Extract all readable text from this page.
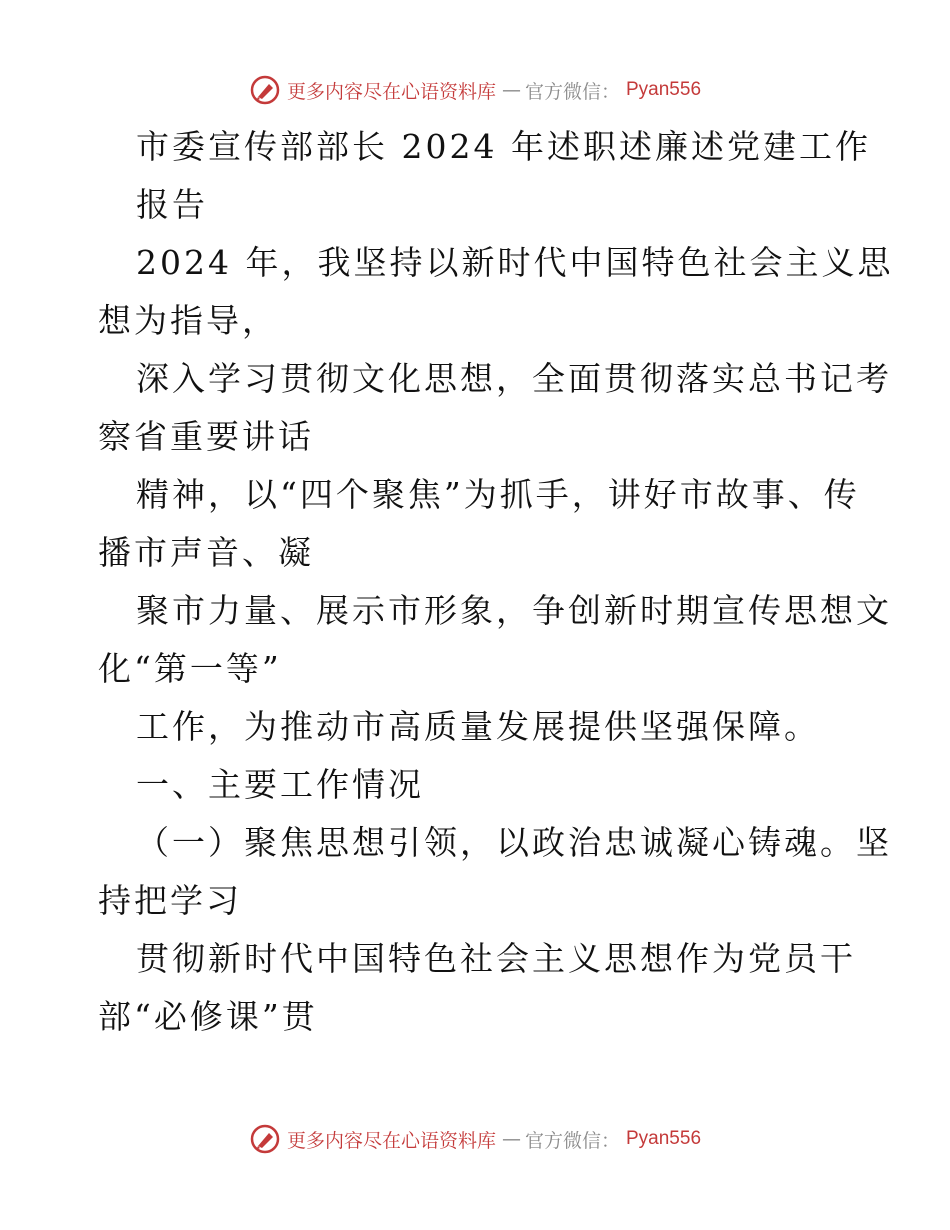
更多内容尽在心语资料库 — 官方微信： Pyan556
市委宣传部部长 2024 年述职述廉述党建工作
报告
2024 年，我坚持以新时代中国特色社会主义思
想为指导，
深入学习贯彻文化思想，全面贯彻落实总书记考
察省重要讲话
精神，以“四个聚焦”为抓手，讲好市故事、传
播市声音、凝
聚市力量、展示市形象，争创新时期宣传思想文
化“第一等”
工作，为推动市高质量发展提供坚强保障。
一、主要工作情况
（一）聚焦思想引领，以政治忠诚凝心铸魂。坚
持把学习
贯彻新时代中国特色社会主义思想作为党员干
部“必修课”贯
更多内容尽在心语资料库 — 官方微信： Pyan556
